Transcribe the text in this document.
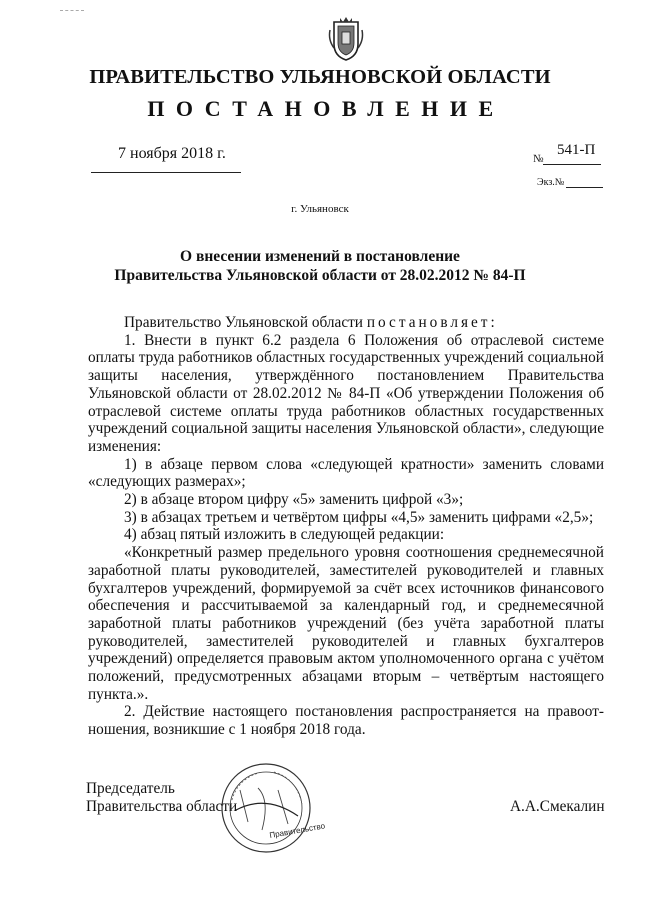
ПРАВИТЕЛЬСТВО УЛЬЯНОВСКОЙ ОБЛАСТИ
ПОСТАНОВЛЕНИЕ
7 ноября 2018 г.	№
541-П
Экз.№
г. Ульяновск
О внесении изменений в постановление
Правительства Ульяновской области от 28.02.2012 № 84-П

Правительство Ульяновской области постановляет:

1. Внести в пункт 6.2 раздела 6 Положения об отраслевой системе оплаты труда работников областных государственных учреждений социальной защиты населения, утверждённого постановлением Правительства Ульяновской области от 28.02.2012 № 84-П «Об утверждении Положения об отраслевой системе оплаты труда работников областных государственных учреждений социальной защиты населения Ульяновской области», следующие изменения:

1) в абзаце первом слова «следующей кратности» заменить словами «следующих размерах»;

2) в абзаце втором цифру «5» заменить цифрой «3»;

3) в абзацах третьем и четвёртом цифры «4,5» заменить цифрами «2,5»;

4) абзац пятый изложить в следующей редакции:

«Конкретный размер предельного уровня соотношения среднемесячной заработной платы руководителей, заместителей руководителей и главных бухгалтеров учреждений, формируемой за счёт всех источников финансового обеспечения и рассчитываемой за календарный год, и среднемесячной заработной платы работников учреждений (без учёта заработной платы руководителей, заместителей руководителей и главных бухгалтеров учреждений) определяется правовым актом уполномоченного органа с учётом положений, предусмотренных абзацами вторым – четвёртым настоящего пункта.».

2. Действие настоящего постановления распространяется на правоот-ношения, возникшие с 1 ноября 2018 года.

Председатель
Правительства области
Правительство
А.А.Смекалин
